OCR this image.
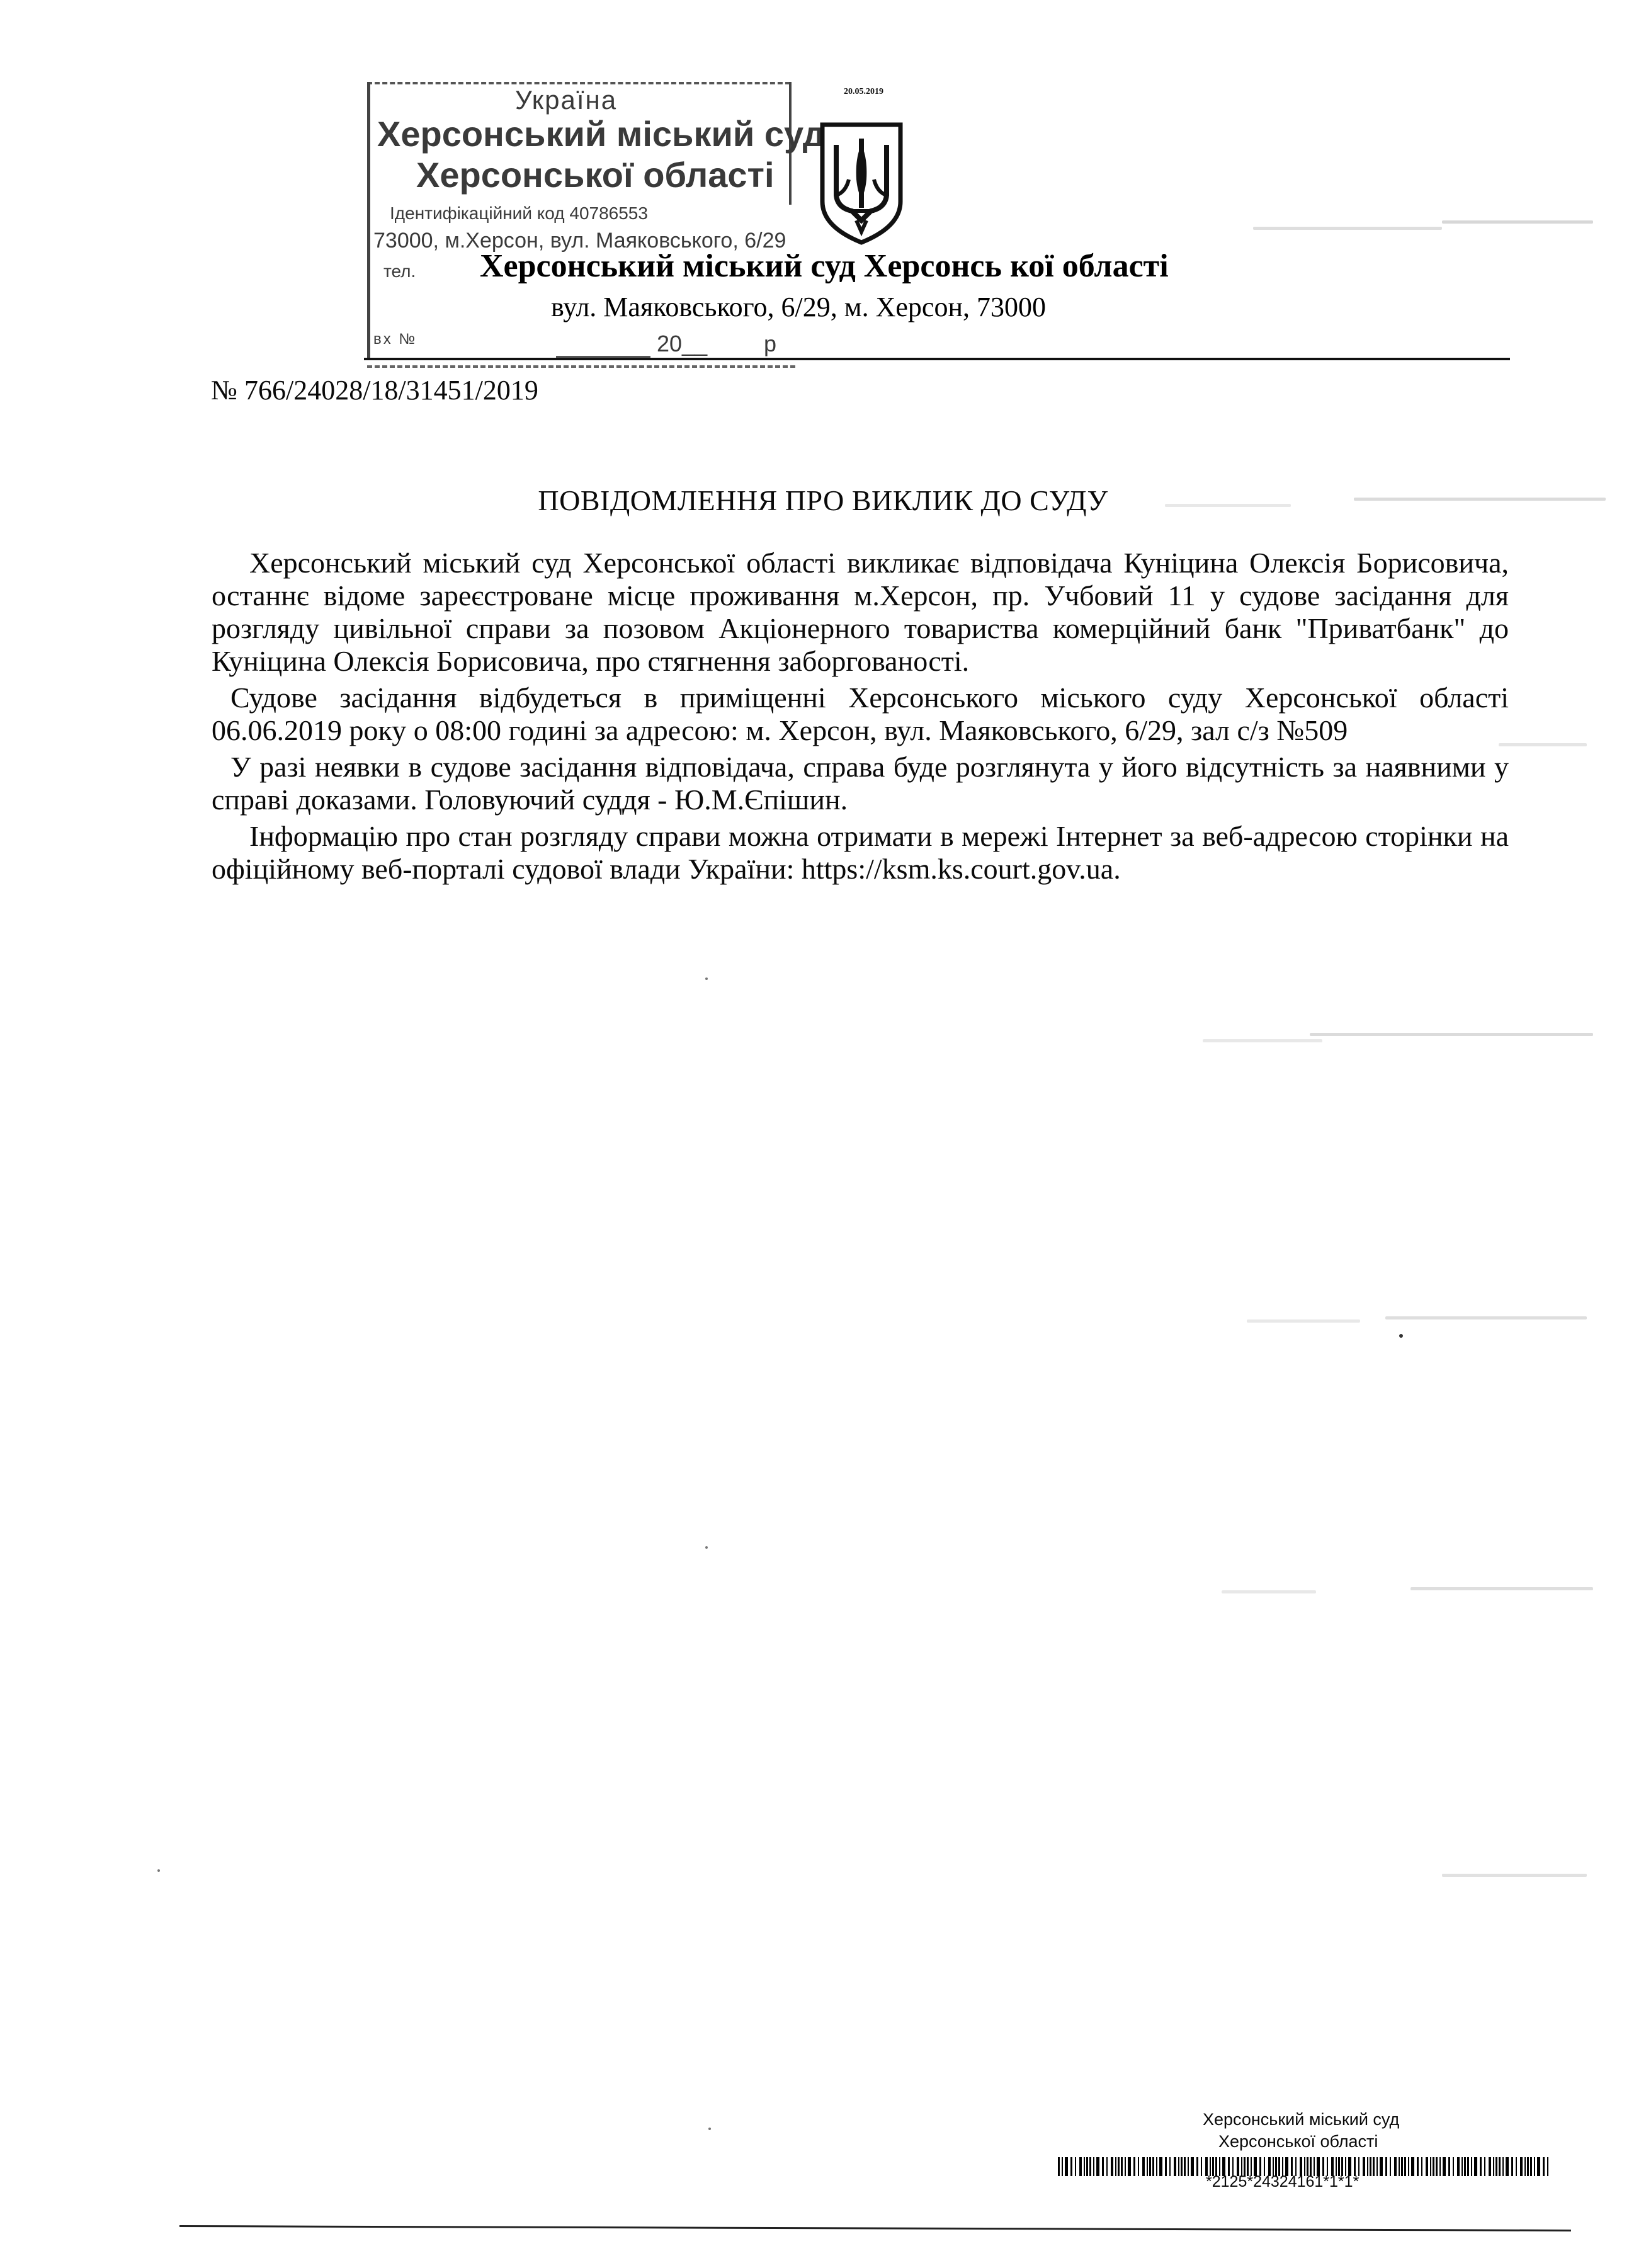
Україна
Херсонський міський суд
Херсонської області
Ідентифікаційний код 40786553
73000, м.Херсон, вул. Маяковського, 6/29
тел.
вх №	20__ р
20.05.2019
Херсонський міський суд Херсонсь кої області
вул. Маяковського, 6/29, м. Херсон, 73000
№ 766/24028/18/31451/2019
ПОВІДОМЛЕННЯ ПРО ВИКЛИК ДО СУДУ

Херсонський міський суд Херсонської області викликає відповідача Куніцина Олексія Борисовича, останнє відоме зареєстроване місце проживання м.Херсон, пр. Учбовий 11 у судове засідання для розгляду цивільної справи за позовом Акціонерного товариства комерційний банк "Приватбанк" до Куніцина Олексія Борисовича, про стягнення заборгованості.

Судове засідання відбудеться в приміщенні Херсонського міського суду Херсонської області 06.06.2019 року о 08:00 годині за адресою: м. Херсон, вул. Маяковського, 6/29, зал с/з №509

У разі неявки в судове засідання відповідача, справа буде розглянута у його відсутність за наявними у справі доказами. Головуючий суддя - Ю.М.Єпішин.

Інформацію про стан розгляду справи можна отримати в мережі Інтернет за веб-адресою сторінки на офіційному веб-порталі судової влади України: https://ksm.ks.court.gov.ua.

Херсонський міський суд
Херсонської області
*2125*24324161*1*1*
